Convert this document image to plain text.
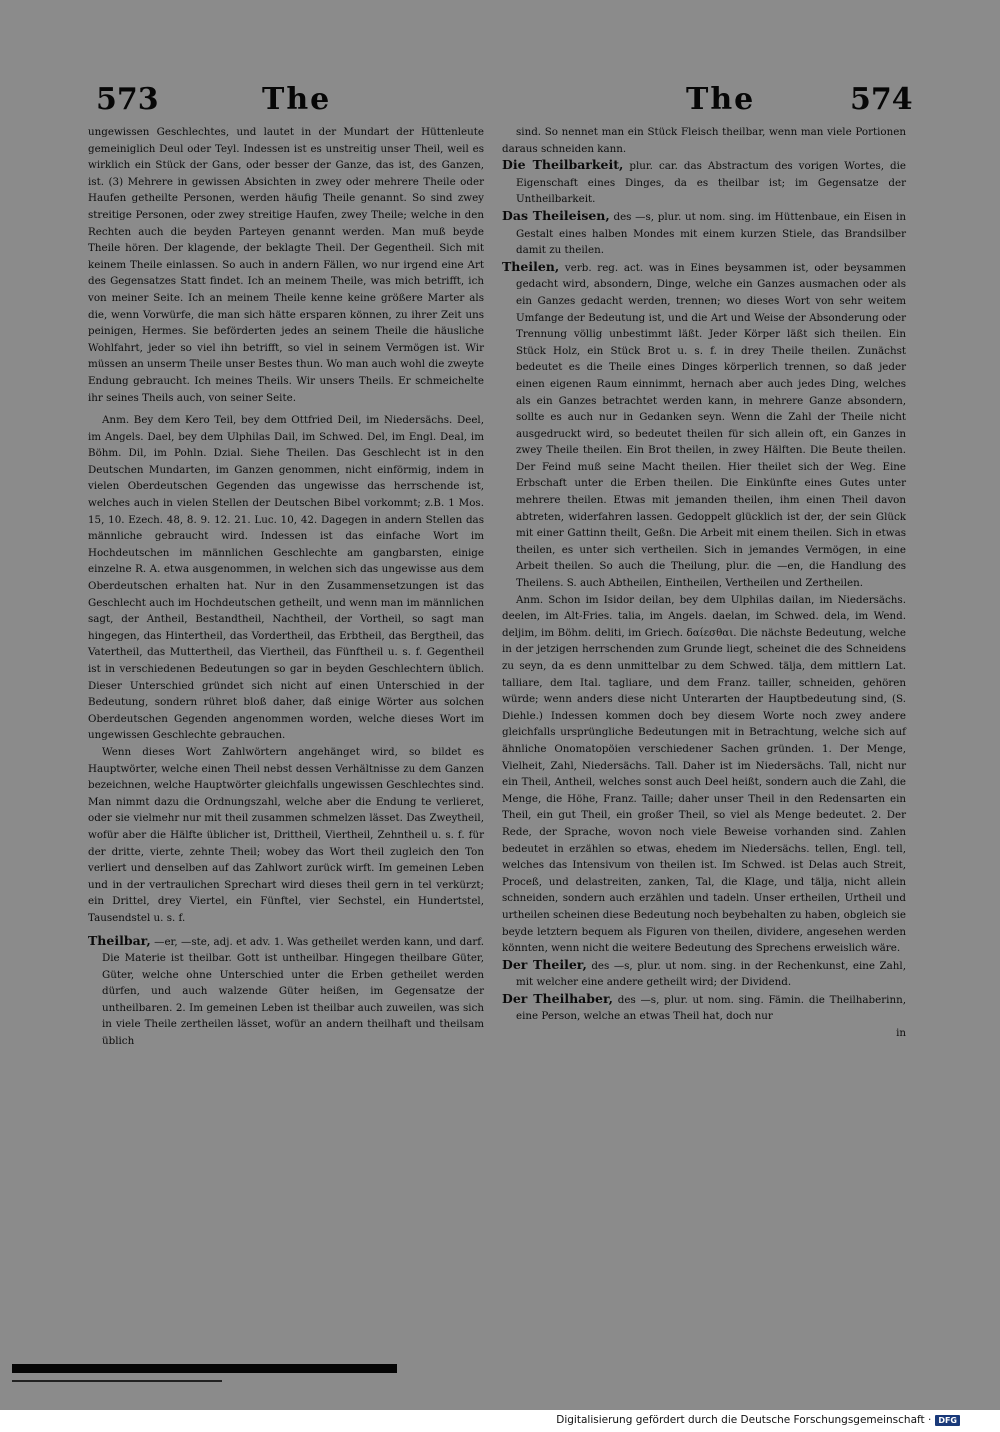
573	The	The	574

ungewissen Geschlechtes, und lautet in der Mundart der Hüttenleute gemeiniglich Deul oder Teyl. Indessen ist es unstreitig unser Theil, weil es wirklich ein Stück der Gans, oder besser der Ganze, das ist, des Ganzen, ist. (3) Mehrere in gewissen Absichten in zwey oder mehrere Theile oder Haufen getheilte Personen, werden häufig Theile genannt. So sind zwey streitige Personen, oder zwey streitige Haufen, zwey Theile; welche in den Rechten auch die beyden Parteyen genannt werden. Man muß beyde Theile hören. Der klagende, der beklagte Theil. Der Gegentheil. Sich mit keinem Theile einlassen. So auch in andern Fällen, wo nur irgend eine Art des Gegensatzes Statt findet. Ich an meinem Theile, was mich betrifft, ich von meiner Seite. Ich an meinem Theile kenne keine größere Marter als die, wenn Vorwürfe, die man sich hätte ersparen können, zu ihrer Zeit uns peinigen, Hermes. Sie beförderten jedes an seinem Theile die häusliche Wohlfahrt, jeder so viel ihn betrifft, so viel in seinem Vermögen ist. Wir müssen an unserm Theile unser Bestes thun. Wo man auch wohl die zweyte Endung gebraucht. Ich meines Theils. Wir unsers Theils. Er schmeichelte ihr seines Theils auch, von seiner Seite.

Anm. Bey dem Kero Teil, bey dem Ottfried Deil, im Niedersächs. Deel, im Angels. Dael, bey dem Ulphilas Dail, im Schwed. Del, im Engl. Deal, im Böhm. Dil, im Pohln. Dzial. Siehe Theilen. Das Geschlecht ist in den Deutschen Mundarten, im Ganzen genommen, nicht einförmig, indem in vielen Oberdeutschen Gegenden das ungewisse das herrschende ist, welches auch in vielen Stellen der Deutschen Bibel vorkommt; z.B. 1 Mos. 15, 10. Ezech. 48, 8. 9. 12. 21. Luc. 10, 42. Dagegen in andern Stellen das männliche gebraucht wird. Indessen ist das einfache Wort im Hochdeutschen im männlichen Geschlechte am gangbarsten, einige einzelne R. A. etwa ausgenommen, in welchen sich das ungewisse aus dem Oberdeutschen erhalten hat. Nur in den Zusammensetzungen ist das Geschlecht auch im Hochdeutschen getheilt, und wenn man im männlichen sagt, der Antheil, Bestandtheil, Nachtheil, der Vortheil, so sagt man hingegen, das Hintertheil, das Vordertheil, das Erbtheil, das Bergtheil, das Vatertheil, das Muttertheil, das Viertheil, das Fünftheil u. s. f. Gegentheil ist in verschiedenen Bedeutungen so gar in beyden Geschlechtern üblich. Dieser Unterschied gründet sich nicht auf einen Unterschied in der Bedeutung, sondern rühret bloß daher, daß einige Wörter aus solchen Oberdeutschen Gegenden angenommen worden, welche dieses Wort im ungewissen Geschlechte gebrauchen.

Wenn dieses Wort Zahlwörtern angehänget wird, so bildet es Hauptwörter, welche einen Theil nebst dessen Verhältnisse zu dem Ganzen bezeichnen, welche Hauptwörter gleichfalls ungewissen Geschlechtes sind. Man nimmt dazu die Ordnungszahl, welche aber die Endung te verlieret, oder sie vielmehr nur mit theil zusammen schmelzen lässet. Das Zweytheil, wofür aber die Hälfte üblicher ist, Drittheil, Viertheil, Zehntheil u. s. f. für der dritte, vierte, zehnte Theil; wobey das Wort theil zugleich den Ton verliert und denselben auf das Zahlwort zurück wirft. Im gemeinen Leben und in der vertraulichen Sprechart wird dieses theil gern in tel verkürzt; ein Drittel, drey Viertel, ein Fünftel, vier Sechstel, ein Hundertstel, Tausendstel u. s. f.

Theilbar, —er, —ste, adj. et adv. 1. Was getheilet werden kann, und darf. Die Materie ist theilbar. Gott ist untheilbar. Hingegen theilbare Güter, Güter, welche ohne Unterschied unter die Erben getheilet werden dürfen, und auch walzende Güter heißen, im Gegensatze der untheilbaren. 2. Im gemeinen Leben ist theilbar auch zuweilen, was sich in viele Theile zertheilen lässet, wofür an andern theilhaft und theilsam üblich

sind. So nennet man ein Stück Fleisch theilbar, wenn man viele Portionen daraus schneiden kann.

Die Theilbarkeit, plur. car. das Abstractum des vorigen Wortes, die Eigenschaft eines Dinges, da es theilbar ist; im Gegensatze der Untheilbarkeit.

Das Theileisen, des —s, plur. ut nom. sing. im Hüttenbaue, ein Eisen in Gestalt eines halben Mondes mit einem kurzen Stiele, das Brandsilber damit zu theilen.

Theilen, verb. reg. act. was in Eines beysammen ist, oder beysammen gedacht wird, absondern, Dinge, welche ein Ganzes ausmachen oder als ein Ganzes gedacht werden, trennen; wo dieses Wort von sehr weitem Umfange der Bedeutung ist, und die Art und Weise der Absonderung oder Trennung völlig unbestimmt läßt. Jeder Körper läßt sich theilen. Ein Stück Holz, ein Stück Brot u. s. f. in drey Theile theilen. Zunächst bedeutet es die Theile eines Dinges körperlich trennen, so daß jeder einen eigenen Raum einnimmt, hernach aber auch jedes Ding, welches als ein Ganzes betrachtet werden kann, in mehrere Ganze absondern, sollte es auch nur in Gedanken seyn. Wenn die Zahl der Theile nicht ausgedruckt wird, so bedeutet theilen für sich allein oft, ein Ganzes in zwey Theile theilen. Ein Brot theilen, in zwey Hälften. Die Beute theilen. Der Feind muß seine Macht theilen. Hier theilet sich der Weg. Eine Erbschaft unter die Erben theilen. Die Einkünfte eines Gutes unter mehrere theilen. Etwas mit jemanden theilen, ihm einen Theil davon abtreten, widerfahren lassen. Gedoppelt glücklich ist der, der sein Glück mit einer Gattinn theilt, Geßn. Die Arbeit mit einem theilen. Sich in etwas theilen, es unter sich vertheilen. Sich in jemandes Vermögen, in eine Arbeit theilen. So auch die Theilung, plur. die —en, die Handlung des Theilens. S. auch Abtheilen, Eintheilen, Vertheilen und Zertheilen.

Anm. Schon im Isidor deilan, bey dem Ulphilas dailan, im Niedersächs. deelen, im Alt-Fries. talia, im Angels. daelan, im Schwed. dela, im Wend. deljim, im Böhm. deliti, im Griech. δαίεσθαι. Die nächste Bedeutung, welche in der jetzigen herrschenden zum Grunde liegt, scheinet die des Schneidens zu seyn, da es denn unmittelbar zu dem Schwed. tälja, dem mittlern Lat. talliare, dem Ital. tagliare, und dem Franz. tailler, schneiden, gehören würde; wenn anders diese nicht Unterarten der Hauptbedeutung sind, (S. Diehle.) Indessen kommen doch bey diesem Worte noch zwey andere gleichfalls ursprüngliche Bedeutungen mit in Betrachtung, welche sich auf ähnliche Onomatopöien verschiedener Sachen gründen. 1. Der Menge, Vielheit, Zahl, Niedersächs. Tall. Daher ist im Niedersächs. Tall, nicht nur ein Theil, Antheil, welches sonst auch Deel heißt, sondern auch die Zahl, die Menge, die Höhe, Franz. Taille; daher unser Theil in den Redensarten ein Theil, ein gut Theil, ein großer Theil, so viel als Menge bedeutet. 2. Der Rede, der Sprache, wovon noch viele Beweise vorhanden sind. Zahlen bedeutet in erzählen so etwas, ehedem im Niedersächs. tellen, Engl. tell, welches das Intensivum von theilen ist. Im Schwed. ist Delas auch Streit, Proceß, und delastreiten, zanken, Tal, die Klage, und tälja, nicht allein schneiden, sondern auch erzählen und tadeln. Unser ertheilen, Urtheil und urtheilen scheinen diese Bedeutung noch beybehalten zu haben, obgleich sie beyde letztern bequem als Figuren von theilen, dividere, angesehen werden könnten, wenn nicht die weitere Bedeutung des Sprechens erweislich wäre.

Der Theiler, des —s, plur. ut nom. sing. in der Rechenkunst, eine Zahl, mit welcher eine andere getheilt wird; der Dividend.

Der Theilhaber, des —s, plur. ut nom. sing. Fämin. die Theilhaberinn, eine Person, welche an etwas Theil hat, doch nur

in

Digitalisierung gefördert durch die Deutsche Forschungsgemeinschaft · DFG
